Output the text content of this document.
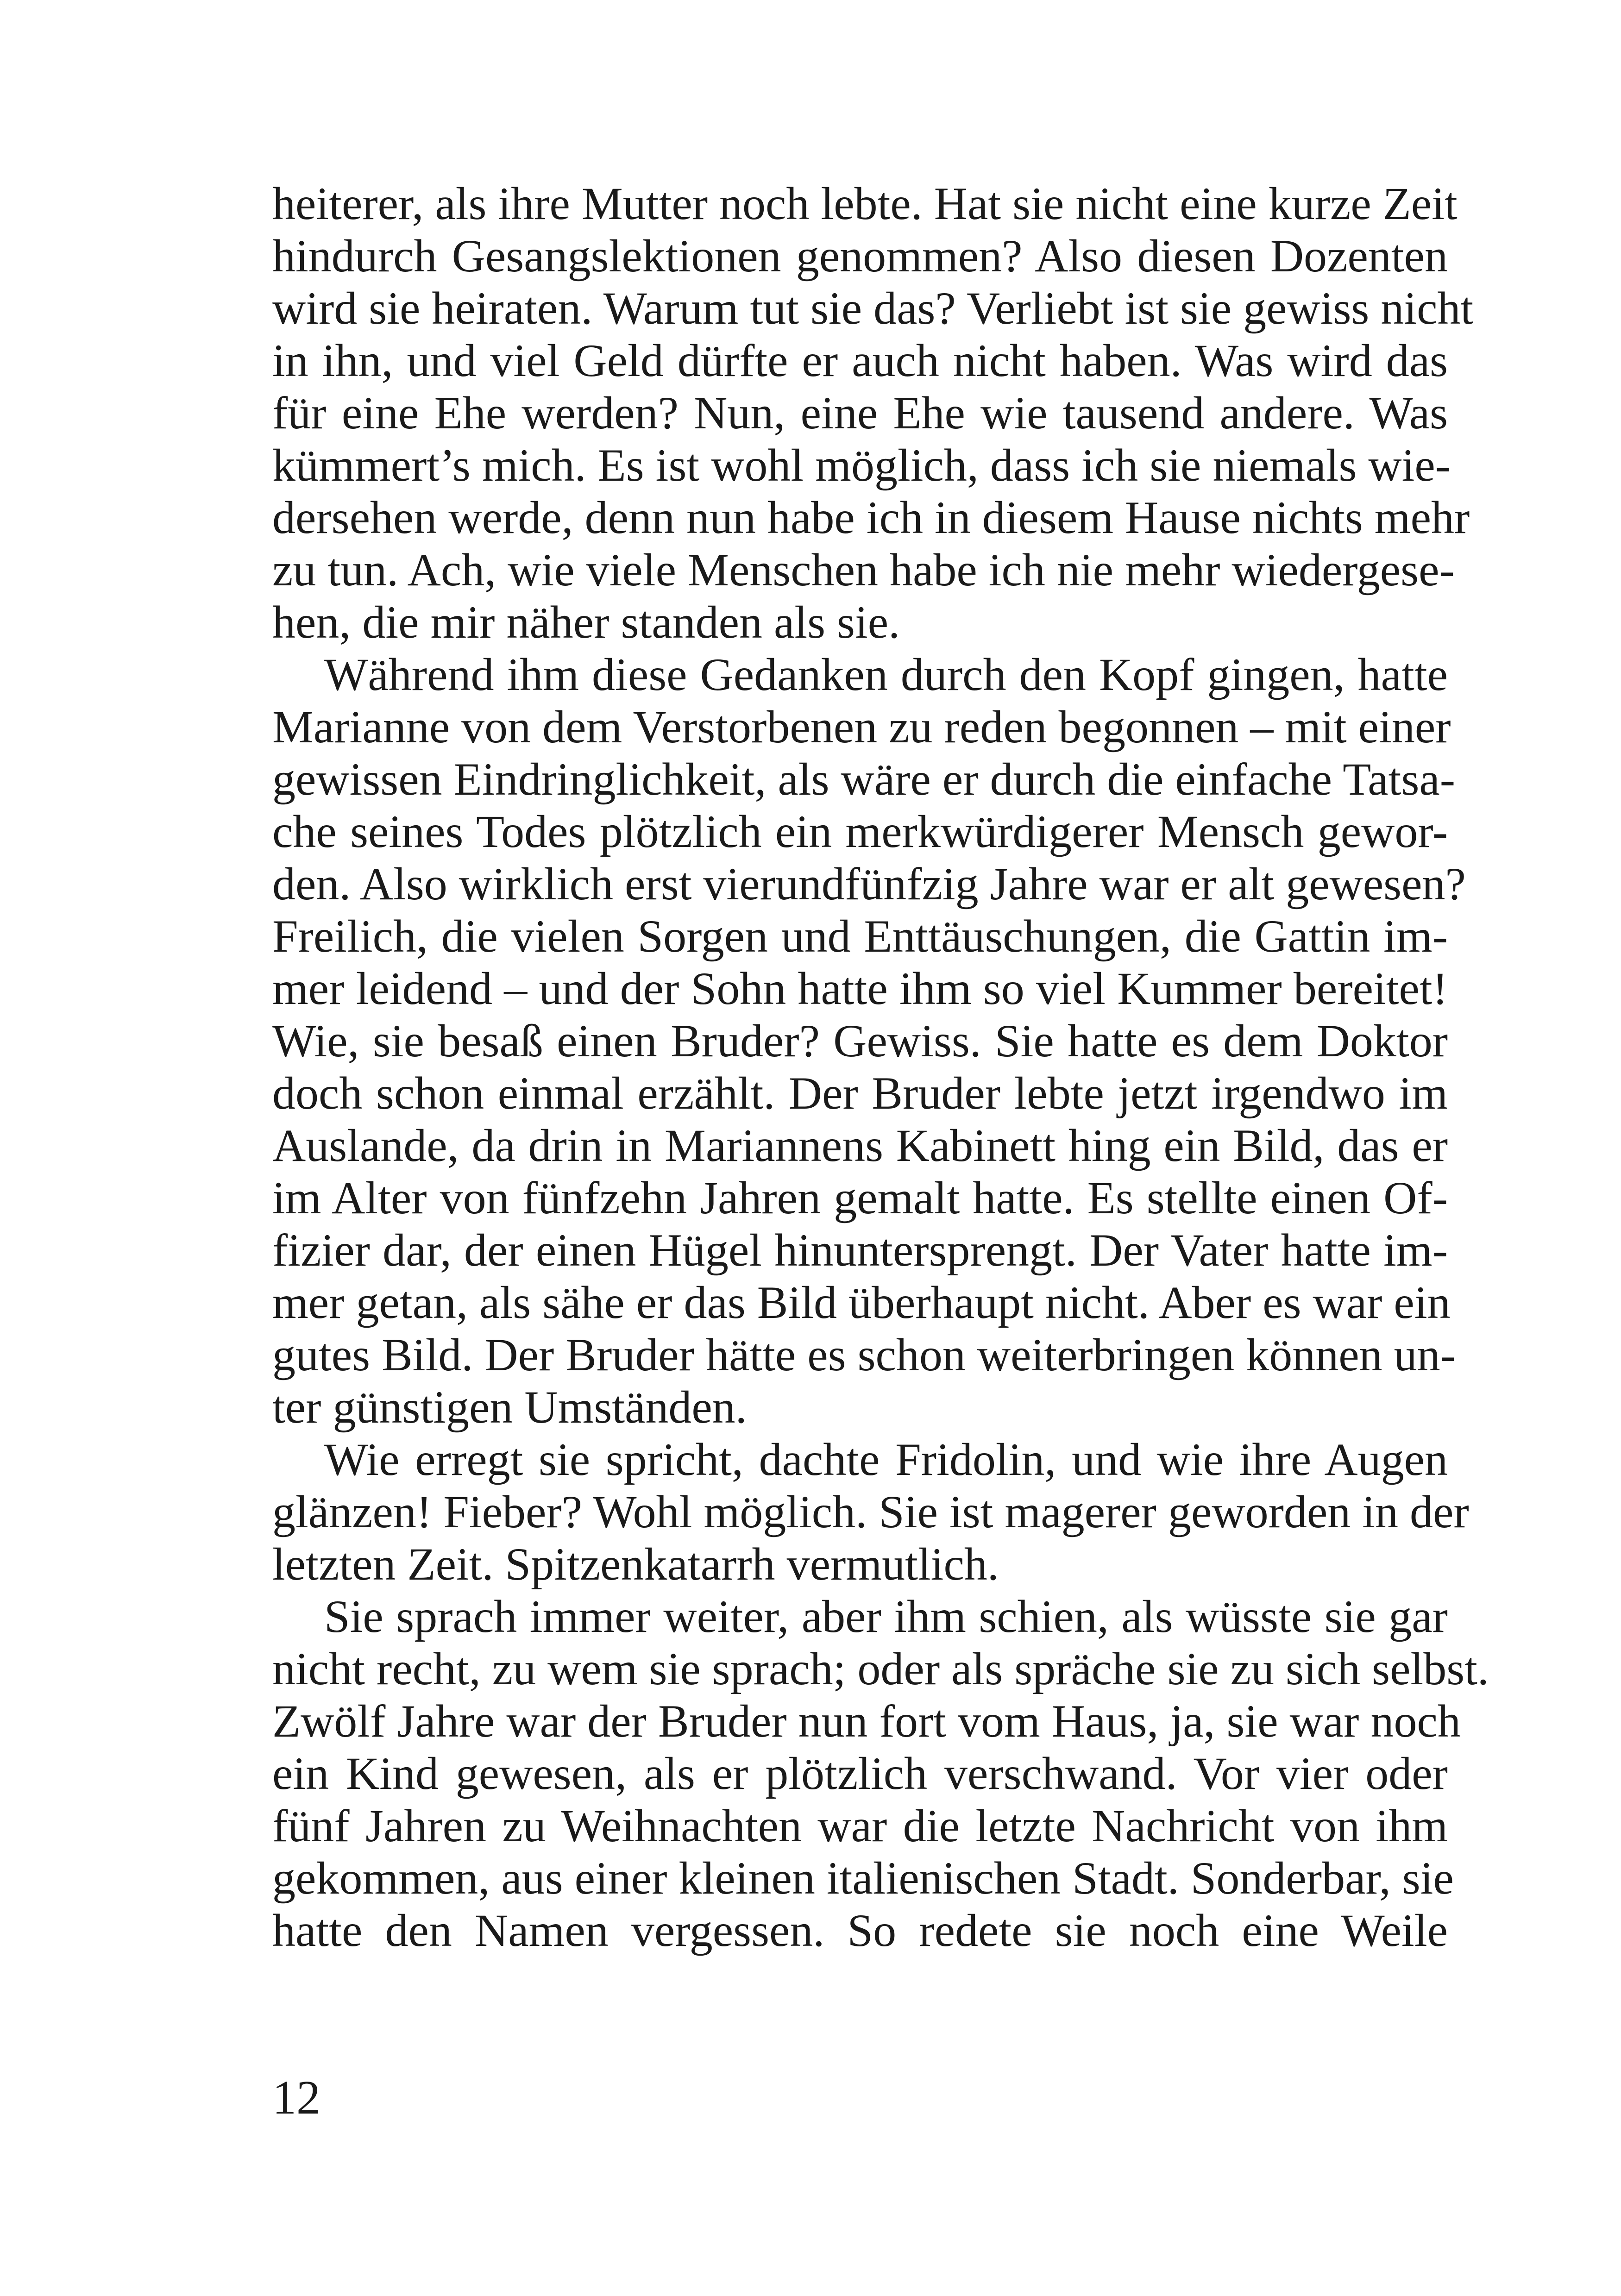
heiterer, als ihre Mutter noch lebte. Hat sie nicht eine kurze Zeit
hindurch Gesangslektionen genommen? Also diesen Dozenten
wird sie heiraten. Warum tut sie das? Verliebt ist sie gewiss nicht
in ihn, und viel Geld dürfte er auch nicht haben. Was wird das
für eine Ehe werden? Nun, eine Ehe wie tausend andere. Was
kümmert’s mich. Es ist wohl möglich, dass ich sie niemals wie-
dersehen werde, denn nun habe ich in diesem Hause nichts mehr
zu tun. Ach, wie viele Menschen habe ich nie mehr wiedergese-
hen, die mir näher standen als sie.
Während ihm diese Gedanken durch den Kopf gingen, hatte
Marianne von dem Verstorbenen zu reden begonnen – mit einer
gewissen Eindringlichkeit, als wäre er durch die einfache Tatsa-
che seines Todes plötzlich ein merkwürdigerer Mensch gewor-
den. Also wirklich erst vierundfünfzig Jahre war er alt gewesen?
Freilich, die vielen Sorgen und Enttäuschungen, die Gattin im-
mer leidend – und der Sohn hatte ihm so viel Kummer bereitet!
Wie, sie besaß einen Bruder? Gewiss. Sie hatte es dem Doktor
doch schon einmal erzählt. Der Bruder lebte jetzt irgendwo im
Auslande, da drin in Mariannens Kabinett hing ein Bild, das er
im Alter von fünfzehn Jahren gemalt hatte. Es stellte einen Of-
fizier dar, der einen Hügel hinuntersprengt. Der Vater hatte im-
mer getan, als sähe er das Bild überhaupt nicht. Aber es war ein
gutes Bild. Der Bruder hätte es schon weiterbringen können un-
ter günstigen Umständen.
Wie erregt sie spricht, dachte Fridolin, und wie ihre Augen
glänzen! Fieber? Wohl möglich. Sie ist magerer geworden in der
letzten Zeit. Spitzenkatarrh vermutlich.
Sie sprach immer weiter, aber ihm schien, als wüsste sie gar
nicht recht, zu wem sie sprach; oder als spräche sie zu sich selbst.
Zwölf Jahre war der Bruder nun fort vom Haus, ja, sie war noch
ein Kind gewesen, als er plötzlich verschwand. Vor vier oder
fünf Jahren zu Weihnachten war die letzte Nachricht von ihm
gekommen, aus einer kleinen italienischen Stadt. Sonderbar, sie
hatte den Namen vergessen. So redete sie noch eine Weile
12
